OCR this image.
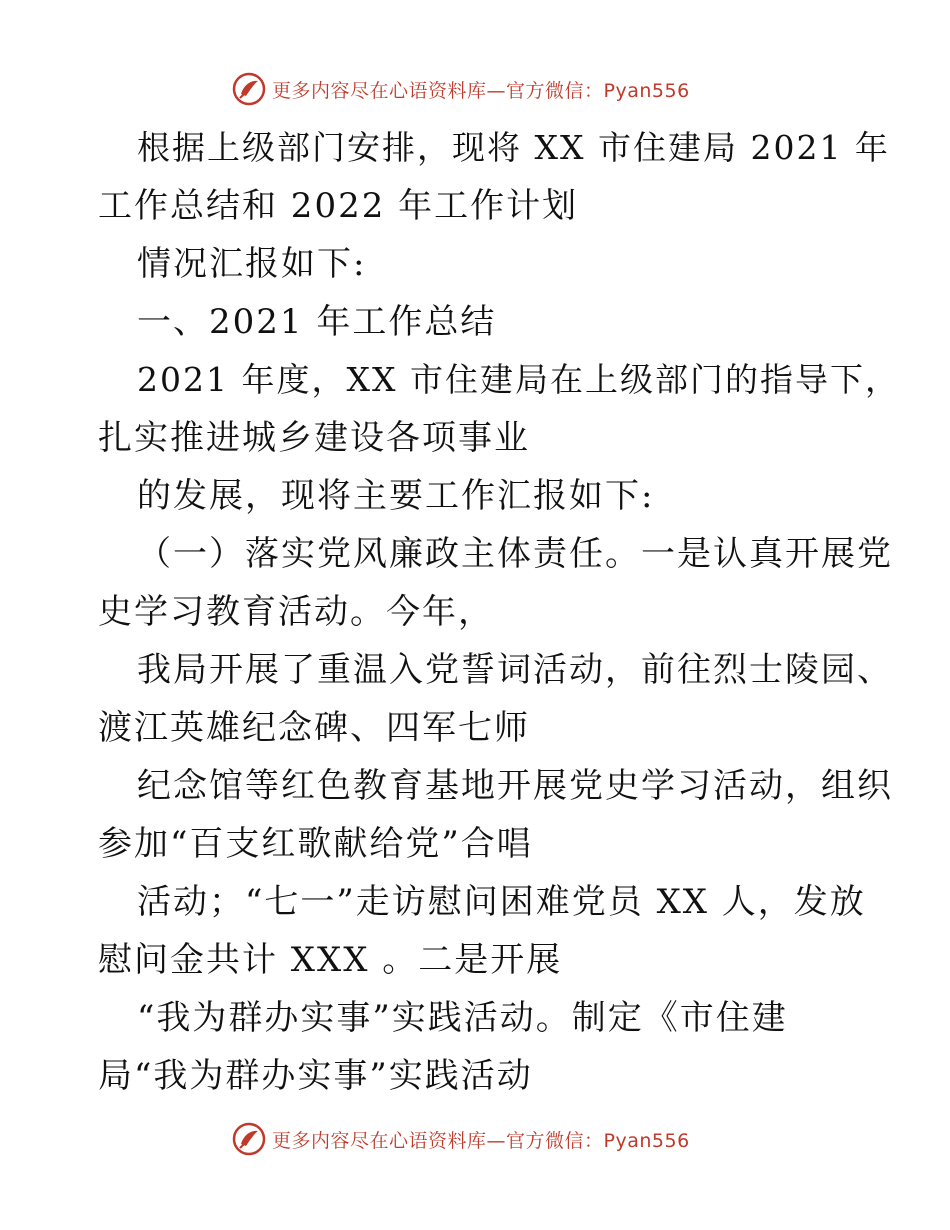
更多内容尽在心语资料库—官方微信：Pyan556
根据上级部门安排，现将 XX 市住建局 2021 年
工作总结和 2022 年工作计划
情况汇报如下:
一、2021 年工作总结
2021 年度，XX 市住建局在上级部门的指导下，
扎实推进城乡建设各项事业
的发展，现将主要工作汇报如下:
（一）落实党风廉政主体责任。一是认真开展党
史学习教育活动。今年，
我局开展了重温入党誓词活动，前往烈士陵园、
渡江英雄纪念碑、四军七师
纪念馆等红色教育基地开展党史学习活动，组织
参加“百支红歌献给党”合唱
活动；“七一”走访慰问困难党员 XX 人，发放
慰问金共计 XXX 。二是开展
“我为群办实事”实践活动。制定《市住建
局“我为群办实事”实践活动
更多内容尽在心语资料库—官方微信：Pyan556
